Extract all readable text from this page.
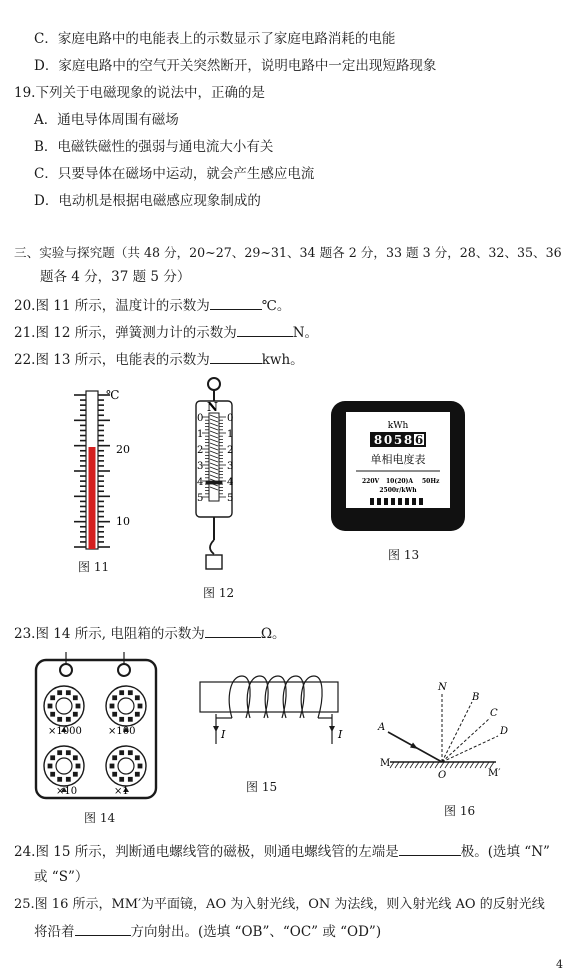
C．家庭电路中的电能表上的示数显示了家庭电路消耗的电能
D．家庭电路中的空气开关突然断开，说明电路中一定出现短路现象
19.下列关于电磁现象的说法中，正确的是
A．通电导体周围有磁场
B．电磁铁磁性的强弱与通电流大小有关
C．只要导体在磁场中运动，就会产生感应电流
D．电动机是根据电磁感应现象制成的
三、实验与探究题（共 48 分，20~27、29~31、34 题各 2 分，33 题 3 分，28、32、35、36
题各 4 分，37 题 5 分）
20.图 11 所示，温度计的示数为	℃。
21.图 12 所示，弹簧测力计的示数为	N。
22.图 13 所示，电能表的示数为	kwh。
℃
20
10
图 11
0 0
1 1
2 2
3 3
4 4
5 5
N
图 12
kWh
8 0 5 8 6
单相电度表
220V 10(20)A 50Hz
2500r/kWh
图 13
23.图 14 所示, 电阻箱的示数为	Ω。
×1000	×100
×10	×1
图 14
I	I
图 15
N
B
C
D
A
M
M′
O
图 16
24.图 15 所示，判断通电螺线管的磁极，则通电螺线管的左端是	极。(选填 “N”
或 “S”）
25.图 16 所示，MM′为平面镜，AO 为入射光线，ON 为法线，则入射光线 AO 的反射光线
将沿着	方向射出。(选填 “OB”、“OC” 或 “OD”)
4
